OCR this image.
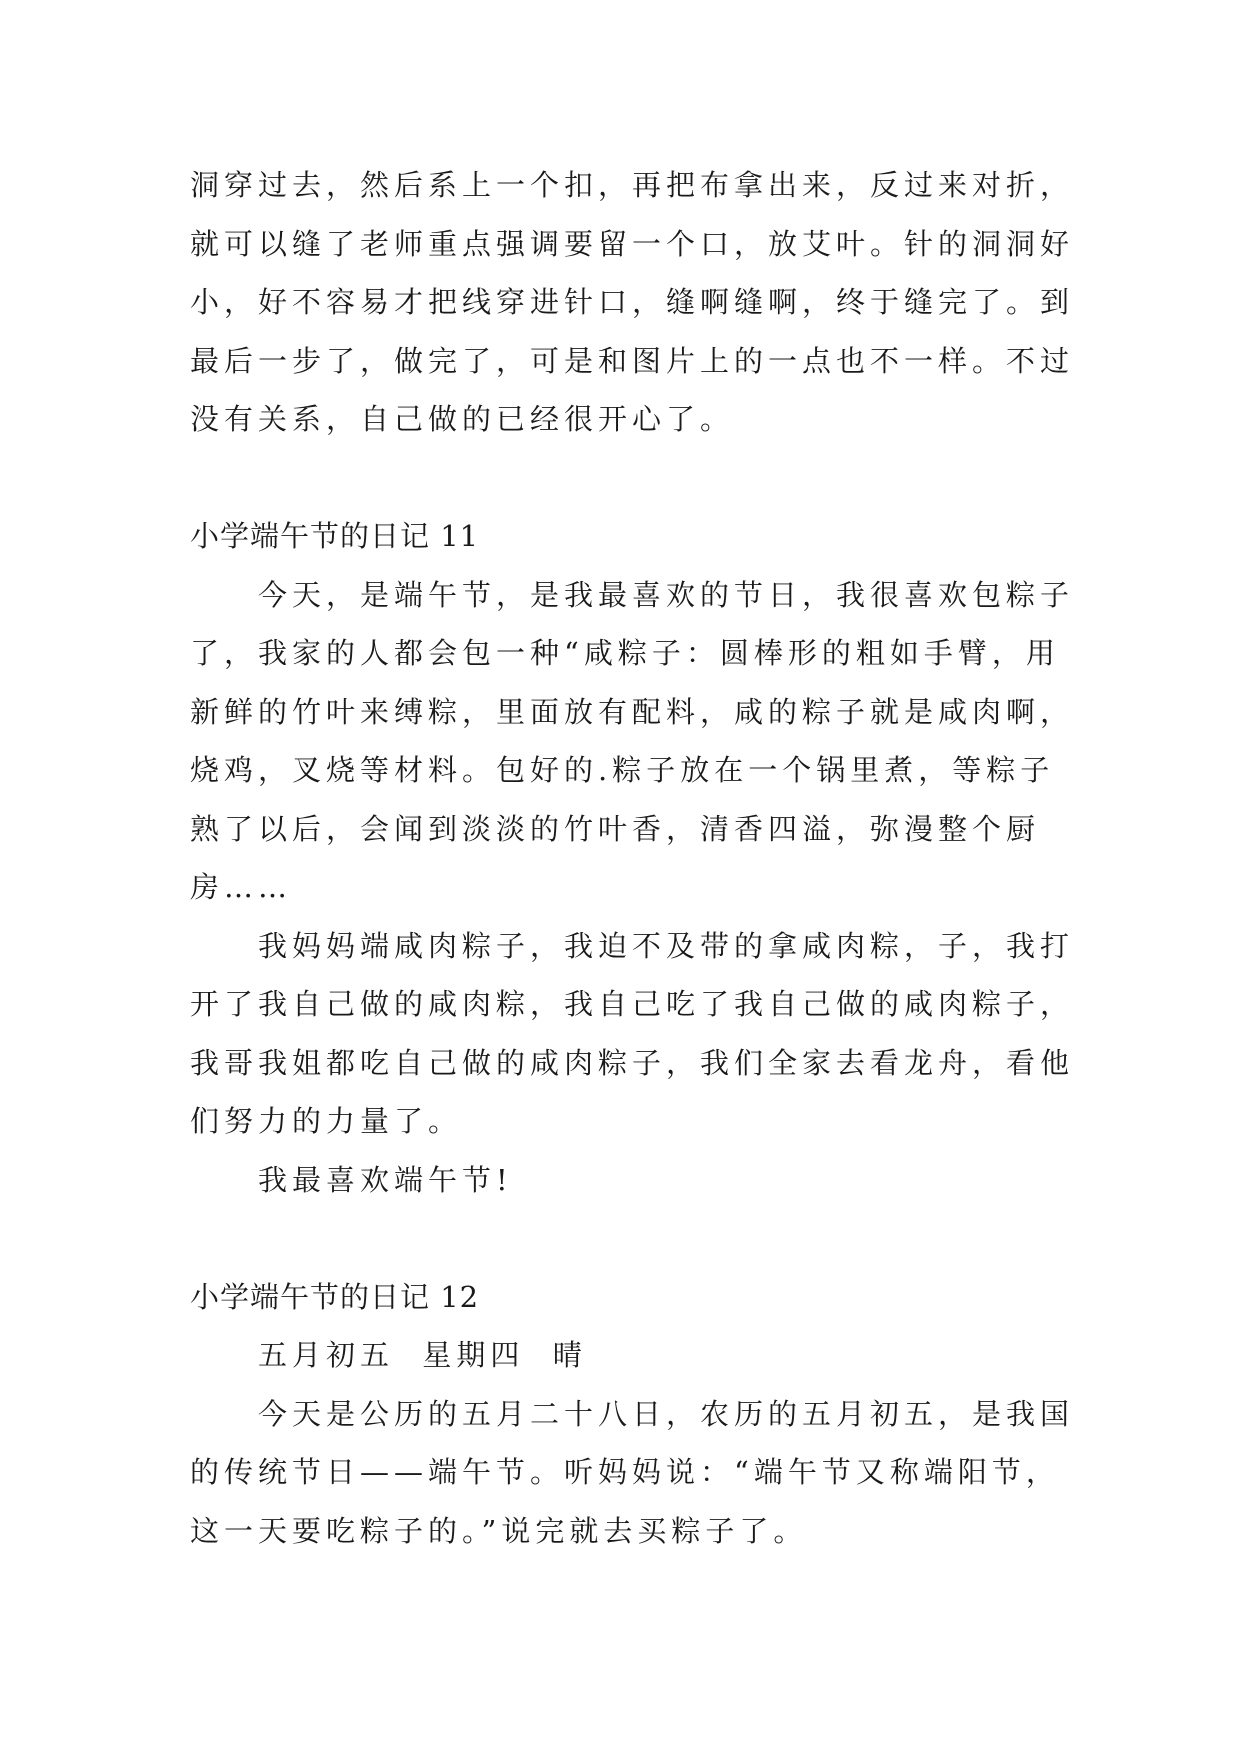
洞穿过去，然后系上一个扣，再把布拿出来，反过来对折，
就可以缝了老师重点强调要留一个口，放艾叶。针的洞洞好
小，好不容易才把线穿进针口，缝啊缝啊，终于缝完了。到
最后一步了，做完了，可是和图片上的一点也不一样。不过
没有关系，自己做的已经很开心了。
小学端午节的日记 11
今天，是端午节，是我最喜欢的节日，我很喜欢包粽子
了，我家的人都会包一种“咸粽子：圆棒形的粗如手臂，用
新鲜的竹叶来缚粽，里面放有配料，咸的粽子就是咸肉啊，
烧鸡，叉烧等材料。包好的.粽子放在一个锅里煮，等粽子
熟了以后，会闻到淡淡的竹叶香，清香四溢，弥漫整个厨
房……
我妈妈端咸肉粽子，我迫不及带的拿咸肉粽，子，我打
开了我自己做的咸肉粽，我自己吃了我自己做的咸肉粽子，
我哥我姐都吃自己做的咸肉粽子，我们全家去看龙舟，看他
们努力的力量了。
我最喜欢端午节!
小学端午节的日记 12
五月初五  星期四  晴
今天是公历的五月二十八日，农历的五月初五，是我国
的传统节日——端午节。听妈妈说：“端午节又称端阳节，
这一天要吃粽子的。”说完就去买粽子了。
